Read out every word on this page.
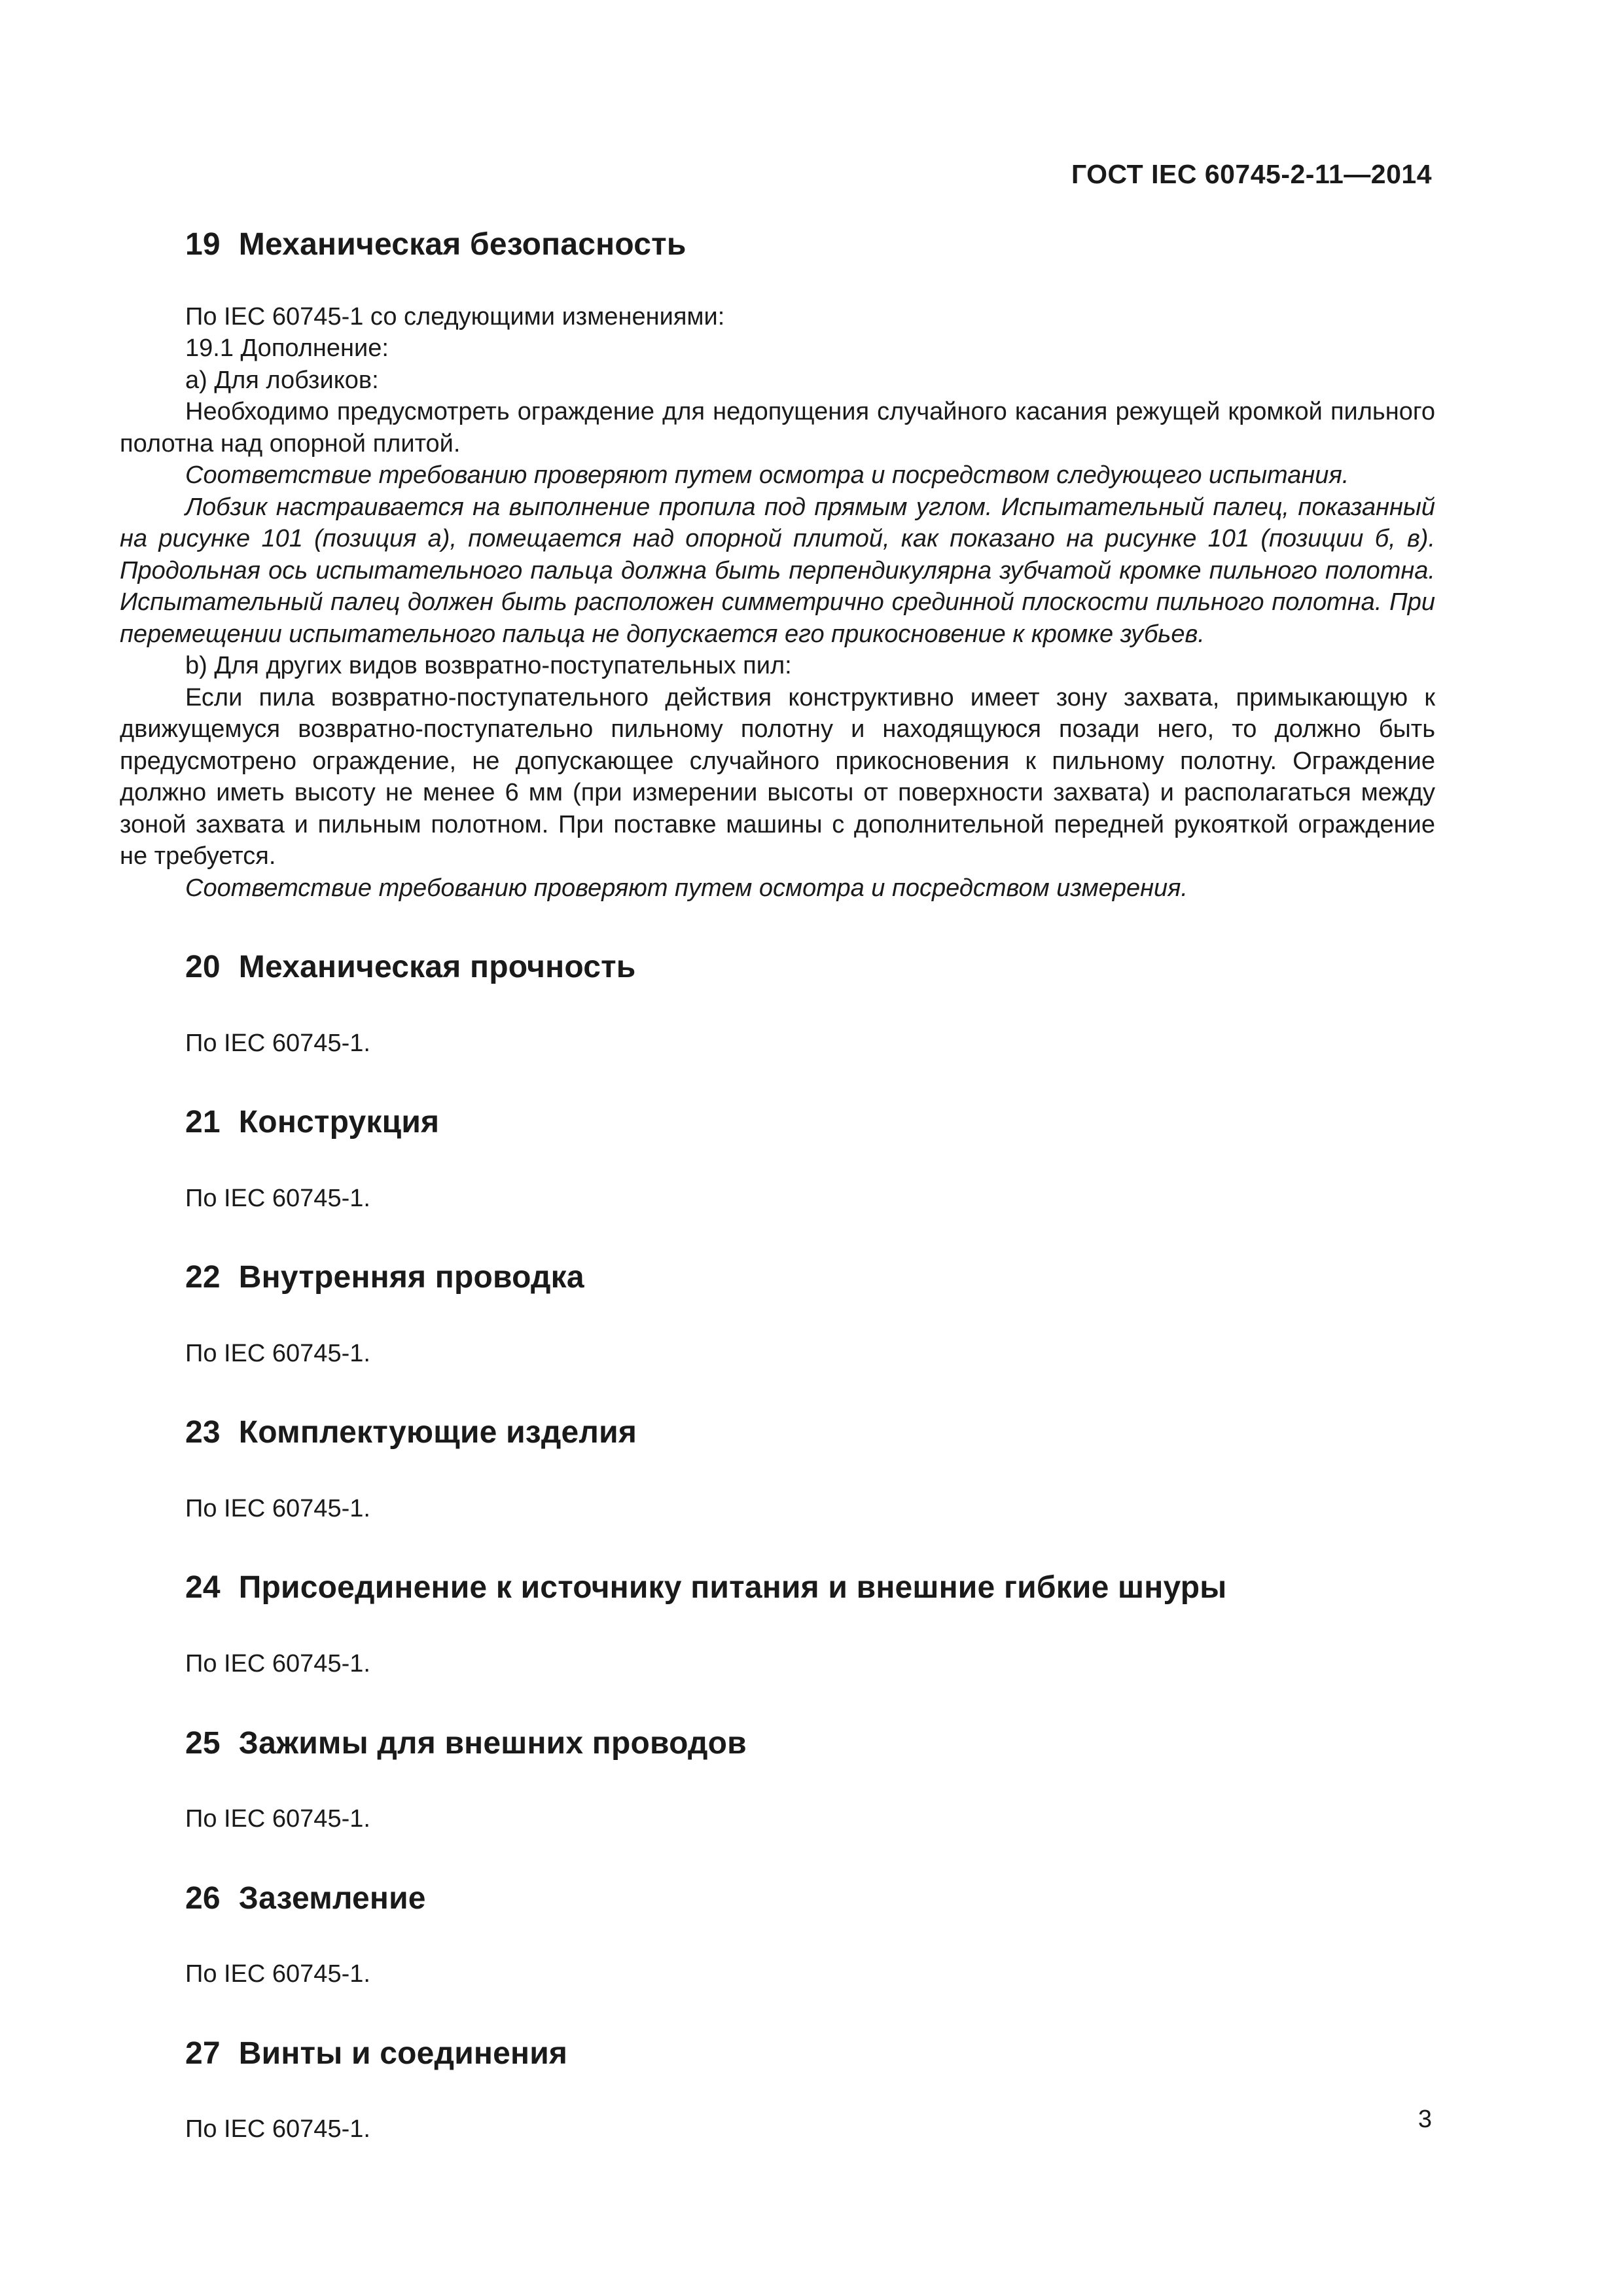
ГОСТ IEC 60745-2-11—2014
19 Механическая безопасность

По IEC 60745-1 со следующими изменениями:

19.1 Дополнение:

а) Для лобзиков:

Необходимо предусмотреть ограждение для недопущения случайного касания режущей кромкой пильного полотна над опорной плитой.

Соответствие требованию проверяют путем осмотра и посредством следующего испытания.

Лобзик настраивается на выполнение пропила под прямым углом. Испытательный палец, показанный на рисунке 101 (позиция а), помещается над опорной плитой, как показано на рисунке 101 (позиции б, в). Продольная ось испытательного пальца должна быть перпендикулярна зубчатой кромке пильного полотна. Испытательный палец должен быть расположен симметрично срединной плоскости пильного полотна. При перемещении испытательного пальца не допускается его прикосновение к кромке зубьев.

b) Для других видов возвратно-поступательных пил:

Если пила возвратно-поступательного действия конструктивно имеет зону захвата, примыкающую к движущемуся возвратно-поступательно пильному полотну и находящуюся позади него, то должно быть предусмотрено ограждение, не допускающее случайного прикосновения к пильному полотну. Ограждение должно иметь высоту не менее 6 мм (при измерении высоты от поверхности захвата) и располагаться между зоной захвата и пильным полотном. При поставке машины с дополнительной передней рукояткой ограждение не требуется.

Соответствие требованию проверяют путем осмотра и посредством измерения.

20 Механическая прочность

По IEC 60745-1.

21 Конструкция

По IEC 60745-1.

22 Внутренняя проводка

По IEC 60745-1.

23 Комплектующие изделия

По IEC 60745-1.

24 Присоединение к источнику питания и внешние гибкие шнуры

По IEC 60745-1.

25 Зажимы для внешних проводов

По IEC 60745-1.

26 Заземление

По IEC 60745-1.

27 Винты и соединения

По IEC 60745-1.	3
